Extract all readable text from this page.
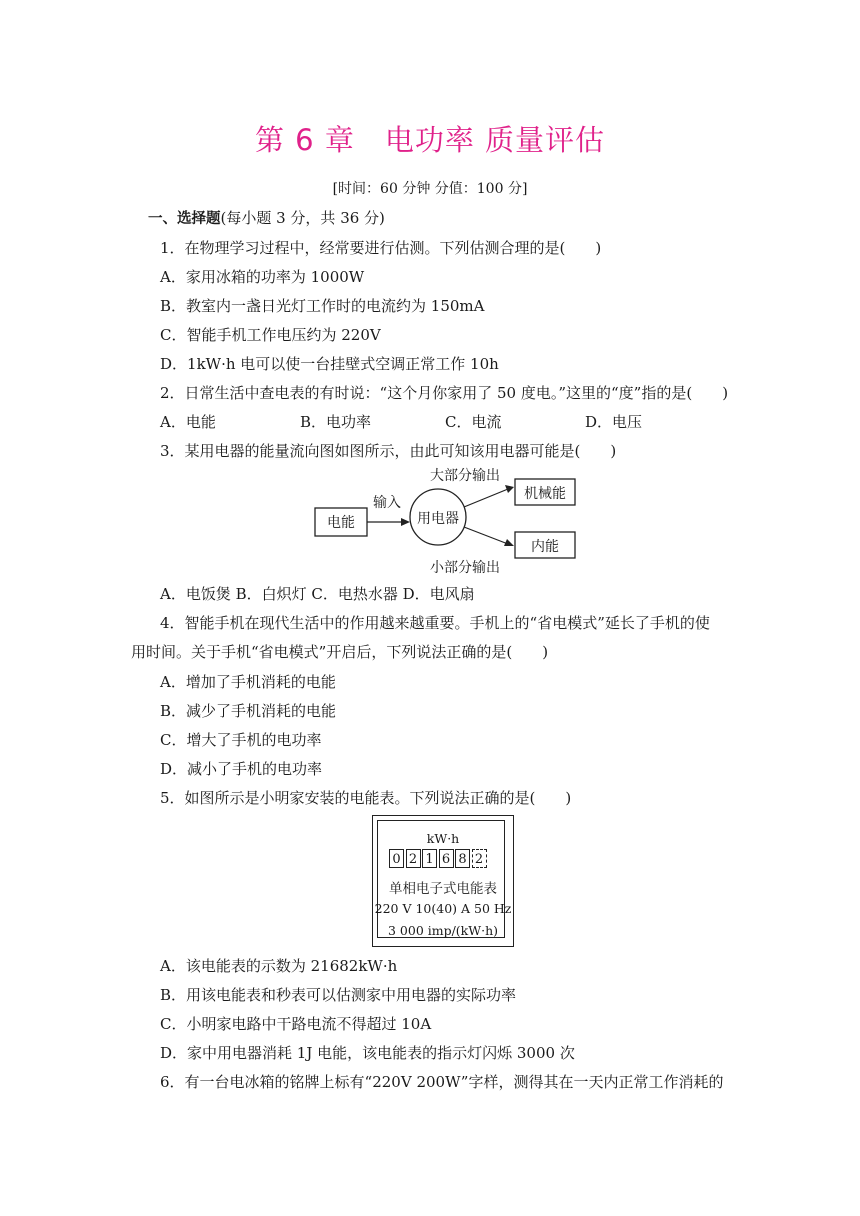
第 6 章　电功率 质量评估
[时间：60 分钟 分值：100 分]
一、选择题(每小题 3 分，共 36 分)
1．在物理学习过程中，经常要进行估测。下列估测合理的是(　　)
A．家用冰箱的功率为 1000W
B．教室内一盏日光灯工作时的电流约为 150mA
C．智能手机工作电压约为 220V
D．1kW·h 电可以使一台挂壁式空调正常工作 10h
2．日常生活中查电表的有时说：“这个月你家用了 50 度电。”这里的“度”指的是(　　)
A．电能	B．电功率	C．电流	D．电压
3．某用电器的能量流向图如图所示，由此可知该用电器可能是(　　)
电能
输入
用电器
大部分输出
机械能
小部分输出
内能
A．电饭煲 B．白炽灯 C．电热水器 D．电风扇
4．智能手机在现代生活中的作用越来越重要。手机上的“省电模式”延长了手机的使
用时间。关于手机“省电模式”开启后，下列说法正确的是(　　)
A．增加了手机消耗的电能
B．减少了手机消耗的电能
C．增大了手机的电功率
D．减小了手机的电功率
5．如图所示是小明家安装的电能表。下列说法正确的是(　　)
kW·h
0 2 1 6 8 2
单相电子式电能表
220 V 10(40) A 50 Hz
3 000 imp/(kW·h)
A．该电能表的示数为 21682kW·h
B．用该电能表和秒表可以估测家中用电器的实际功率
C．小明家电路中干路电流不得超过 10A
D．家中用电器消耗 1J 电能，该电能表的指示灯闪烁 3000 次
6．有一台电冰箱的铭牌上标有“220V 200W”字样，测得其在一天内正常工作消耗的
